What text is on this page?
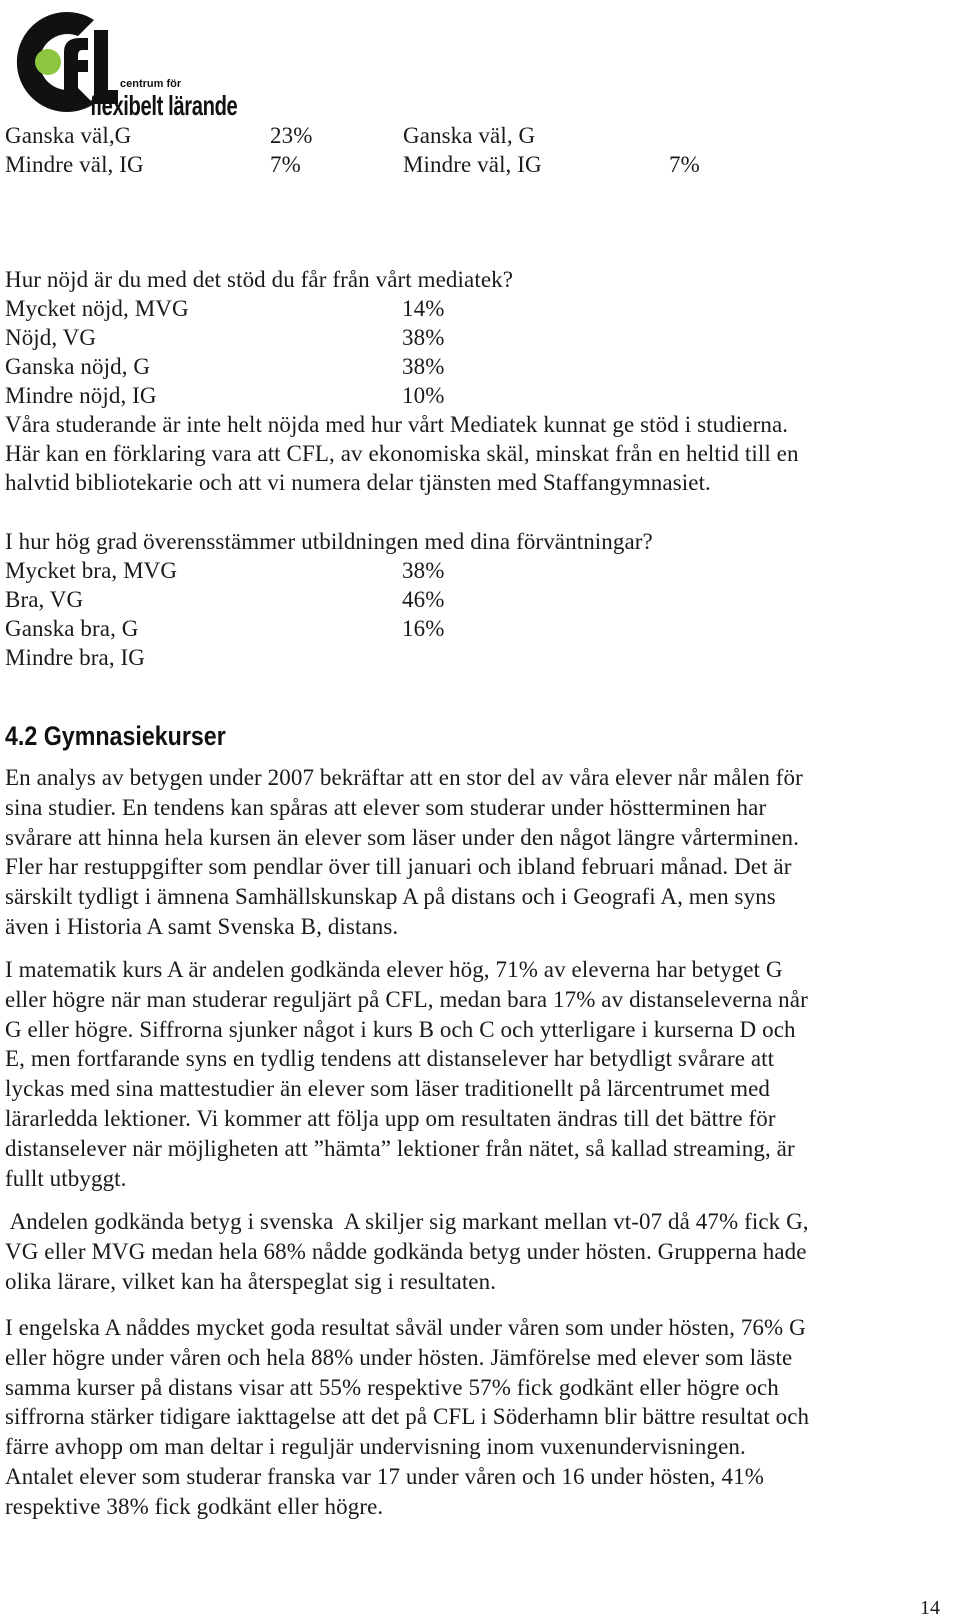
centrum för
flexibelt lärande
Ganska väl,G	23%	Ganska väl, G
Mindre väl, IG	7%	Mindre väl, IG	7%
Hur nöjd är du med det stöd du får från vårt mediatek?
Mycket nöjd, MVG	14%
Nöjd, VG	38%
Ganska nöjd, G	38%
Mindre nöjd, IG	10%
Våra studerande är inte helt nöjda med hur vårt Mediatek kunnat ge stöd i studierna.
Här kan en förklaring vara att CFL, av ekonomiska skäl, minskat från en heltid till en
halvtid bibliotekarie och att vi numera delar tjänsten med Staffangymnasiet.
I hur hög grad överensstämmer utbildningen med dina förväntningar?
Mycket bra, MVG	38%
Bra, VG	46%
Ganska bra, G	16%
Mindre bra, IG
4.2 Gymnasiekurser
En analys av betygen under 2007 bekräftar att en stor del av våra elever når målen för
sina studier. En tendens kan spåras att elever som studerar under höstterminen har
svårare att hinna hela kursen än elever som läser under den något längre vårterminen.
Fler har restuppgifter som pendlar över till januari och ibland februari månad. Det är
särskilt tydligt i ämnena Samhällskunskap A på distans och i Geografi A, men syns
även i Historia A samt Svenska B, distans.
I matematik kurs A är andelen godkända elever hög, 71% av eleverna har betyget G
eller högre när man studerar reguljärt på CFL, medan bara 17% av distanseleverna når
G eller högre. Siffrorna sjunker något i kurs B och C och ytterligare i kurserna D och
E, men fortfarande syns en tydlig tendens att distanselever har betydligt svårare att
lyckas med sina mattestudier än elever som läser traditionellt på lärcentrumet med
lärarledda lektioner. Vi kommer att följa upp om resultaten ändras till det bättre för
distanselever när möjligheten att ”hämta” lektioner från nätet, så kallad streaming, är
fullt utbyggt.
Andelen godkända betyg i svenska  A skiljer sig markant mellan vt-07 då 47% fick G,
VG eller MVG medan hela 68% nådde godkända betyg under hösten. Grupperna hade
olika lärare, vilket kan ha återspeglat sig i resultaten.
I engelska A nåddes mycket goda resultat såväl under våren som under hösten, 76% G
eller högre under våren och hela 88% under hösten. Jämförelse med elever som läste
samma kurser på distans visar att 55% respektive 57% fick godkänt eller högre och
siffrorna stärker tidigare iakttagelse att det på CFL i Söderhamn blir bättre resultat och
färre avhopp om man deltar i reguljär undervisning inom vuxenundervisningen.
Antalet elever som studerar franska var 17 under våren och 16 under hösten, 41%
respektive 38% fick godkänt eller högre.
14
